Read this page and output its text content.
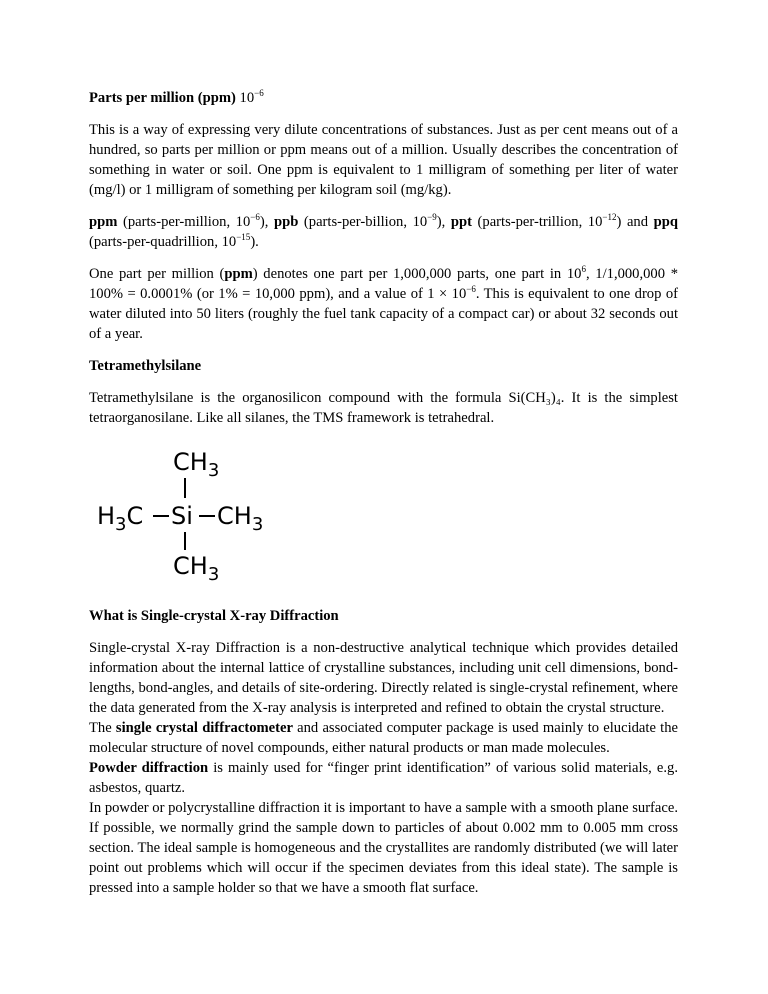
Parts per million (ppm) $10^{-6}$

This is a way of expressing very dilute concentrations of substances. Just as per cent means out of a hundred, so parts per million or ppm means out of a million. Usually describes the concentration of something in water or soil. One ppm is equivalent to 1 milligram of something per liter of water (mg/l) or 1 milligram of something per kilogram soil (mg/kg).

ppm (parts-per-million, $10^{-6}$), ppb (parts-per-billion, $10^{-9}$), ppt (parts-per-trillion, $10^{-12}$) and ppq (parts-per-quadrillion, $10^{-15}$).

One part per million (ppm) denotes one part per 1,000,000 parts, one part in $10^6$, 1/1,000,000 * 100% = 0.0001% (or 1% = 10,000 ppm), and a value of $1 \times 10^{-6}$. This is equivalent to one drop of water diluted into 50 liters (roughly the fuel tank capacity of a compact car) or about 32 seconds out of a year.

Tetramethylsilane

Tetramethylsilane is the organosilicon compound with the formula Si(CH₃)₄. It is the simplest tetraorganosilane. Like all silanes, the TMS framework is tetrahedral.

$CH_3$
$H_3C$ Si $CH_3$
$CH_3$

What is Single-crystal X-ray Diffraction

Single-crystal X-ray Diffraction is a non-destructive analytical technique which provides detailed information about the internal lattice of crystalline substances, including unit cell dimensions, bond-lengths, bond-angles, and details of site-ordering. Directly related is single-crystal refinement, where the data generated from the X-ray analysis is interpreted and refined to obtain the crystal structure.

The single crystal diffractometer and associated computer package is used mainly to elucidate the molecular structure of novel compounds, either natural products or man made molecules.

Powder diffraction is mainly used for “finger print identification” of various solid materials, e.g. asbestos, quartz.

In powder or polycrystalline diffraction it is important to have a sample with a smooth plane surface. If possible, we normally grind the sample down to particles of about 0.002 mm to 0.005 mm cross section. The ideal sample is homogeneous and the crystallites are randomly distributed (we will later point out problems which will occur if the specimen deviates from this ideal state). The sample is pressed into a sample holder so that we have a smooth flat surface.
